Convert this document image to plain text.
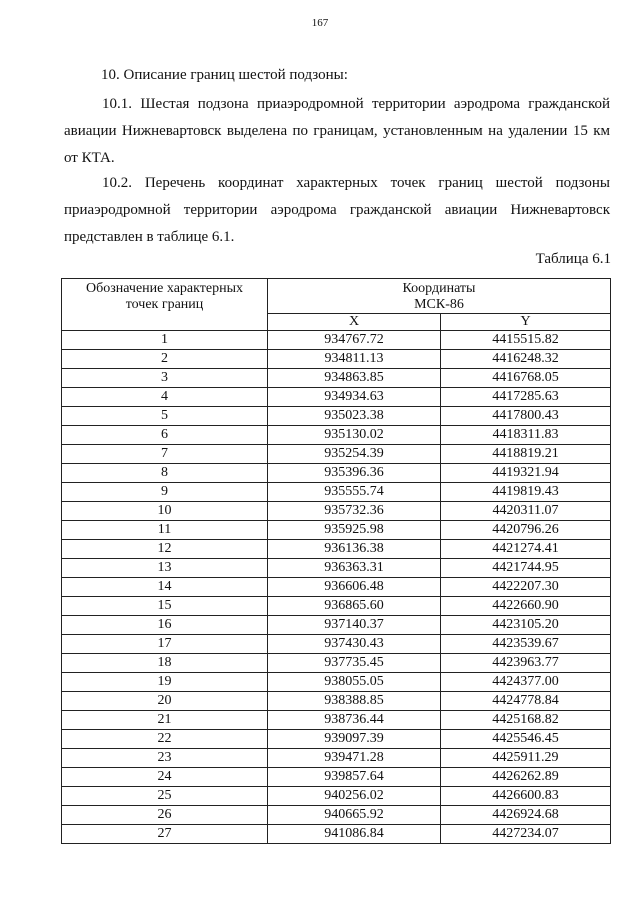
167

10. Описание границ шестой подзоны:

10.1. Шестая подзона приаэродромной территории аэродрома гражданской авиации Нижневартовск выделена по границам, установленным на удалении 15 км от КТА.

10.2. Перечень координат характерных точек границ шестой подзоны приаэродромной территории аэродрома гражданской авиации Нижневартовск представлен в таблице 6.1.

Таблица 6.1
Обозначение характерных
точек границ	Координаты
МСК-86	
	X	Y
1	934767.72	4415515.82
2	934811.13	4416248.32
3	934863.85	4416768.05
4	934934.63	4417285.63
5	935023.38	4417800.43
6	935130.02	4418311.83
7	935254.39	4418819.21
8	935396.36	4419321.94
9	935555.74	4419819.43
10	935732.36	4420311.07
11	935925.98	4420796.26
12	936136.38	4421274.41
13	936363.31	4421744.95
14	936606.48	4422207.30
15	936865.60	4422660.90
16	937140.37	4423105.20
17	937430.43	4423539.67
18	937735.45	4423963.77
19	938055.05	4424377.00
20	938388.85	4424778.84
21	938736.44	4425168.82
22	939097.39	4425546.45
23	939471.28	4425911.29
24	939857.64	4426262.89
25	940256.02	4426600.83
26	940665.92	4426924.68
27	941086.84	4427234.07
